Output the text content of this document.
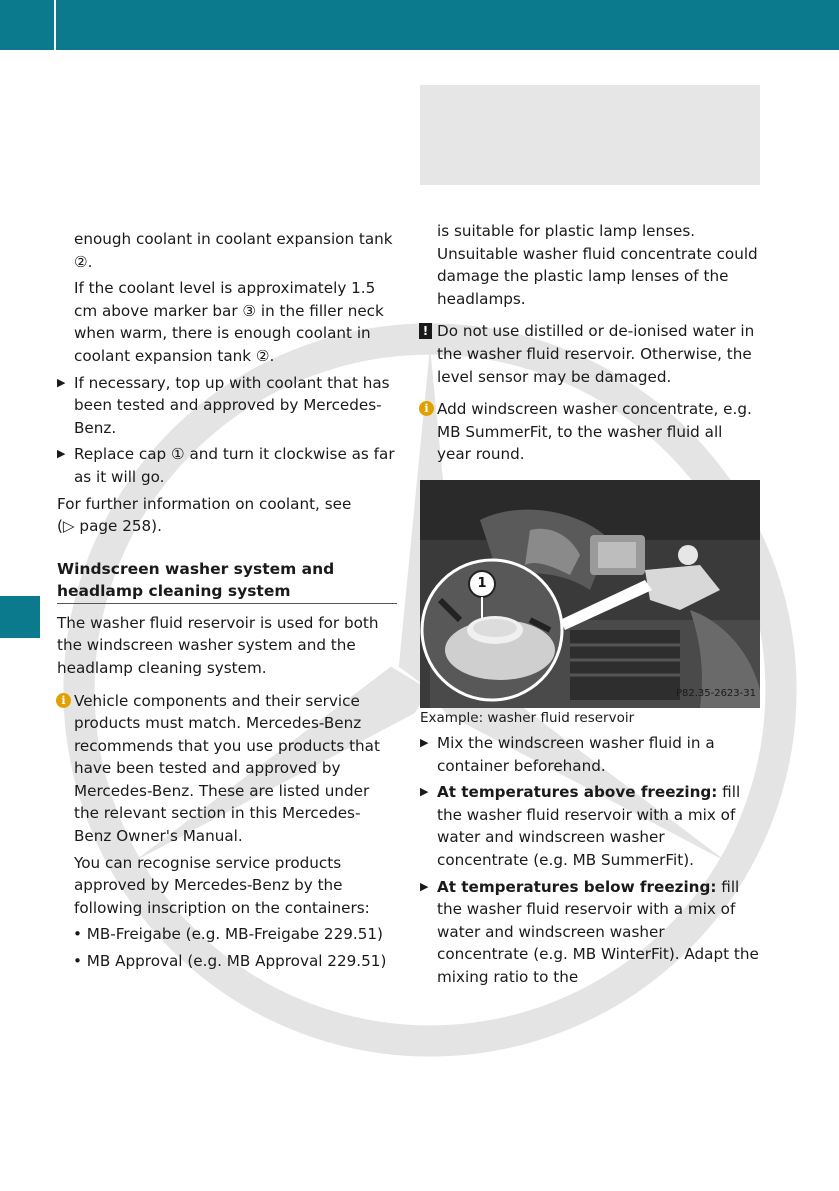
enough coolant in coolant expansion tank ②.

If the coolant level is approximately 1.5 cm above marker bar ③ in the filler neck when warm, there is enough coolant in coolant expansion tank ②.

▶ If necessary, top up with coolant that has been tested and approved by Mercedes-Benz.

▶ Replace cap ① and turn it clockwise as far as it will go.

For further information on coolant, see
(▷ page 258).

Windscreen washer system and headlamp cleaning system

The washer fluid reservoir is used for both the windscreen washer system and the headlamp cleaning system.

i Vehicle components and their service products must match. Mercedes-Benz recommends that you use products that have been tested and approved by Mercedes-Benz. These are listed under the relevant section in this Mercedes-Benz Owner's Manual.

You can recognise service products approved by Mercedes-Benz by the following inscription on the containers:

• MB-Freigabe (e.g. MB-Freigabe 229.51)

• MB Approval (e.g. MB Approval 229.51)

is suitable for plastic lamp lenses. Unsuitable washer fluid concentrate could damage the plastic lamp lenses of the headlamps.

! Do not use distilled or de-ionised water in the washer fluid reservoir. Otherwise, the level sensor may be damaged.

i Add windscreen washer concentrate, e.g. MB SummerFit, to the washer fluid all year round.

1
P82.35-2623-31

Example: washer fluid reservoir

▶ Mix the windscreen washer fluid in a container beforehand.

▶ At temperatures above freezing: fill the washer fluid reservoir with a mix of water and windscreen washer concentrate (e.g. MB SummerFit).

▶ At temperatures below freezing: fill the washer fluid reservoir with a mix of water and windscreen washer concentrate (e.g. MB WinterFit). Adapt the mixing ratio to the
